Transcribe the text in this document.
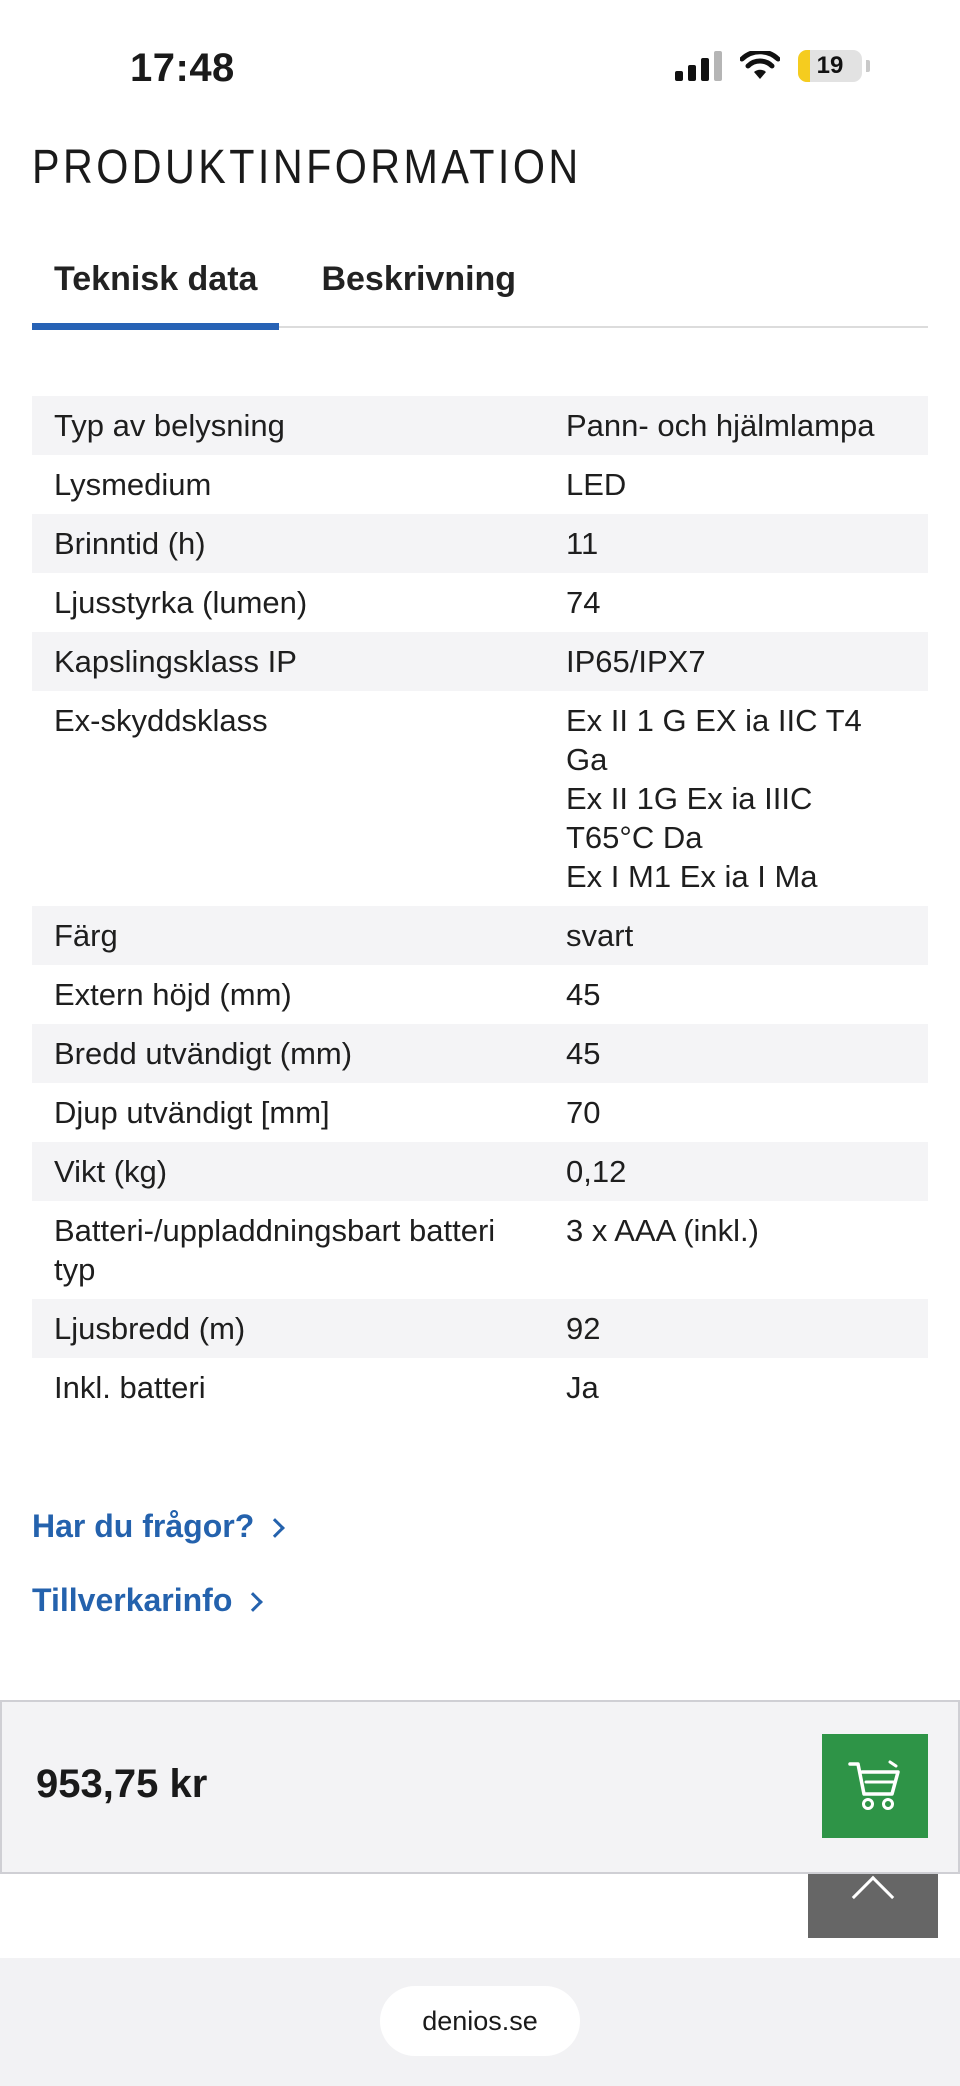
17:48	19
PRODUKTINFORMATION
Teknisk data	Beskrivning
Typ av belysning	Pann- och hjälmlampa

Lysmedium	LED

Brinntid (h)	11

Ljusstyrka (lumen)	74

Kapslingsklass IP	IP65/IPX7

Ex-skyddsklass	Ex II 1 G EX ia IIC T4 Ga
Ex II 1G Ex ia IIIC T65°C Da
Ex I M1 Ex ia I Ma

Färg	svart

Extern höjd (mm)	45

Bredd utvändigt (mm)	45

Djup utvändigt [mm]	70

Vikt (kg)	0,12

Batteri-/uppladdningsbart batteri typ	3 x AAA (inkl.)

Ljusbredd (m)	92

Inkl. batteri	Ja
Har du frågor?
Tillverkarinfo
953,75 kr
denios.se
